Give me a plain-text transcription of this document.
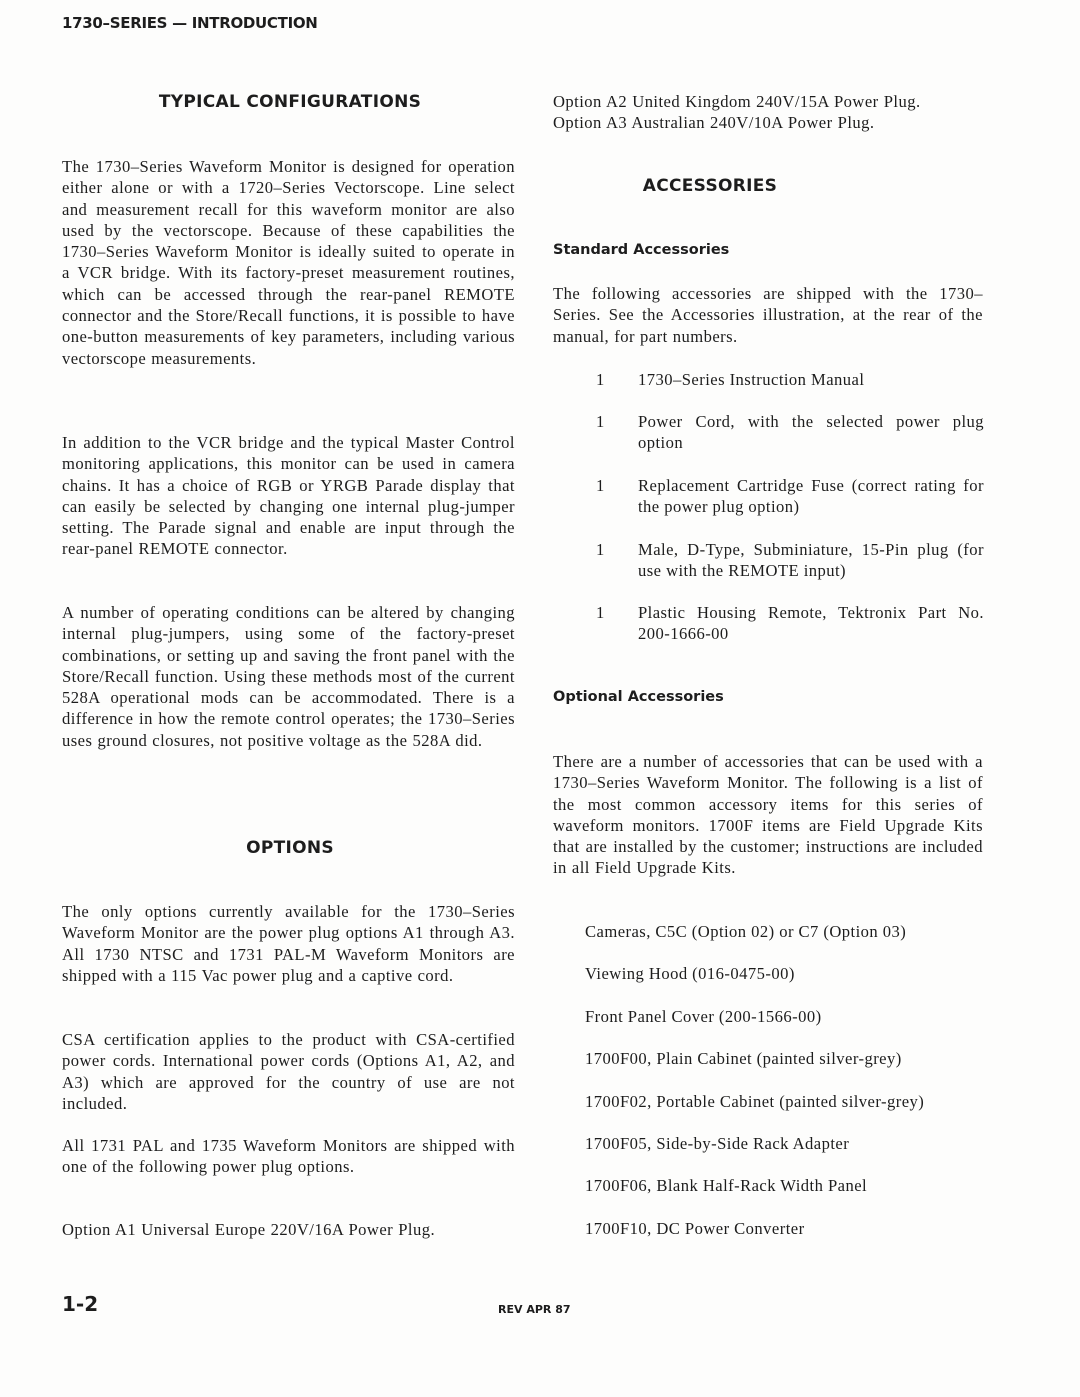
1730–SERIES — INTRODUCTION
TYPICAL CONFIGURATIONS
The 1730–Series Waveform Monitor is designed for operation either alone or with a 1720–Series Vectorscope. Line select and measurement recall for this waveform monitor are also used by the vectorscope. Because of these capabilities the 1730–Series Waveform Monitor is ideally suited to operate in a VCR bridge. With its factory-preset measurement routines, which can be accessed through the rear-panel REMOTE connector and the Store/Recall functions, it is possible to have one-button measurements of key parameters, including various vectorscope measurements.
In addition to the VCR bridge and the typical Master Control monitoring applications, this monitor can be used in camera chains. It has a choice of RGB or YRGB Parade display that can easily be selected by changing one internal plug-jumper setting. The Parade signal and enable are input through the rear-panel REMOTE connector.
A number of operating conditions can be altered by changing internal plug-jumpers, using some of the factory-preset combinations, or setting up and saving the front panel with the Store/Recall function. Using these methods most of the current 528A operational mods can be accommodated. There is a difference in how the remote control operates; the 1730–Series uses ground closures, not positive voltage as the 528A did.
OPTIONS
The only options currently available for the 1730–Series Waveform Monitor are the power plug options A1 through A3. All 1730 NTSC and 1731 PAL-M Waveform Monitors are shipped with a 115 Vac power plug and a captive cord.
CSA certification applies to the product with CSA-certified power cords. International power cords (Options A1, A2, and A3) which are approved for the country of use are not included.
All 1731 PAL and 1735 Waveform Monitors are shipped with one of the following power plug options.
Option A1 Universal Europe 220V/16A Power Plug.
Option A2 United Kingdom 240V/15A Power Plug.
Option A3 Australian 240V/10A Power Plug.
ACCESSORIES
Standard Accessories
The following accessories are shipped with the 1730–Series. See the Accessories illustration, at the rear of the manual, for part numbers.
1 1730–Series Instruction Manual
1 Power Cord, with the selected power plug option
1 Replacement Cartridge Fuse (correct rating for the power plug option)
1 Male, D-Type, Subminiature, 15-Pin plug (for use with the REMOTE input)
1 Plastic Housing Remote, Tektronix Part No. 200-1666-00
Optional Accessories
There are a number of accessories that can be used with a 1730–Series Waveform Monitor. The following is a list of the most common accessory items for this series of waveform monitors. 1700F items are Field Upgrade Kits that are installed by the customer; instructions are included in all Field Upgrade Kits.
Cameras, C5C (Option 02) or C7 (Option 03)
Viewing Hood (016-0475-00)
Front Panel Cover (200-1566-00)
1700F00, Plain Cabinet (painted silver-grey)
1700F02, Portable Cabinet (painted silver-grey)
1700F05, Side-by-Side Rack Adapter
1700F06, Blank Half-Rack Width Panel
1700F10, DC Power Converter
1-2	REV APR 87
